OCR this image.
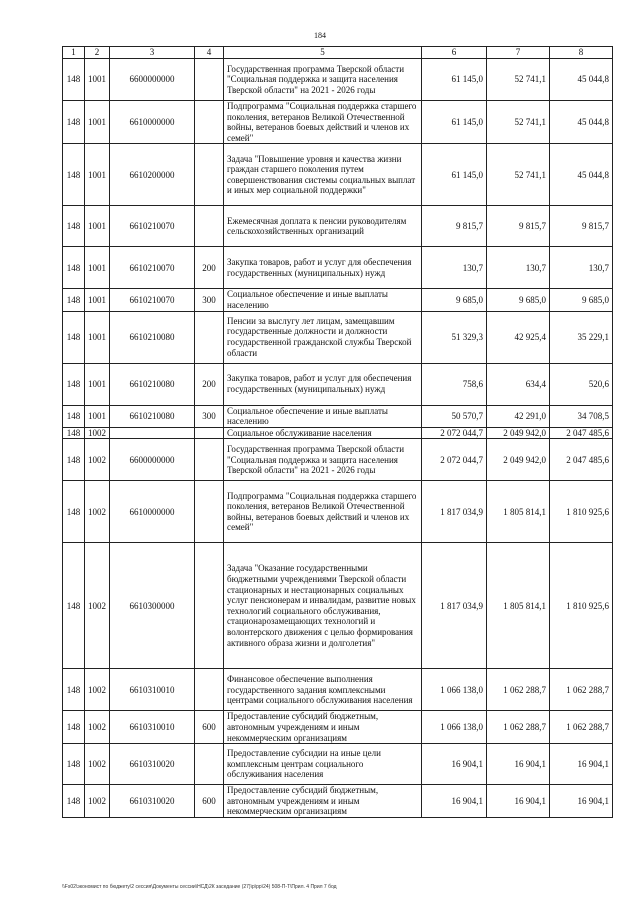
184
1	2	3	4	5	6	7	8
148	1001	6600000000		Государственная программа Тверской области "Социальная поддержка и защита населения Тверской области" на 2021 - 2026 годы	61 145,0	52 741,1	45 044,8
148	1001	6610000000		Подпрограмма "Социальная поддержка старшего поколения, ветеранов Великой Отечественной войны, ветеранов боевых действий и членов их семей"	61 145,0	52 741,1	45 044,8
148	1001	6610200000		Задача "Повышение уровня и качества жизни граждан старшего поколения путем совершенствования системы социальных выплат и иных мер социальной поддержки"	61 145,0	52 741,1	45 044,8
148	1001	6610210070		Ежемесячная доплата к пенсии руководителям сельскохозяйственных организаций	9 815,7	9 815,7	9 815,7
148	1001	6610210070	200	Закупка товаров, работ и услуг для обеспечения государственных (муниципальных) нужд	130,7	130,7	130,7
148	1001	6610210070	300	Социальное обеспечение и иные выплаты населению	9 685,0	9 685,0	9 685,0
148	1001	6610210080		Пенсии за выслугу лет лицам, замещавшим государственные должности и должности государственной гражданской службы Тверской области	51 329,3	42 925,4	35 229,1
148	1001	6610210080	200	Закупка товаров, работ и услуг для обеспечения государственных (муниципальных) нужд	758,6	634,4	520,6
148	1001	6610210080	300	Социальное обеспечение и иные выплаты населению	50 570,7	42 291,0	34 708,5
148	1002			Социальное обслуживание населения	2 072 044,7	2 049 942,0	2 047 485,6
148	1002	6600000000		Государственная программа Тверской области "Социальная поддержка и защита населения Тверской области" на 2021 - 2026 годы	2 072 044,7	2 049 942,0	2 047 485,6
148	1002	6610000000		Подпрограмма "Социальная поддержка старшего поколения, ветеранов Великой Отечественной войны, ветеранов боевых действий и членов их семей"	1 817 034,9	1 805 814,1	1 810 925,6
148	1002	6610300000		Задача "Оказание государственными бюджетными учреждениями Тверской области стационарных и нестационарных социальных услуг пенсионерам и инвалидам, развитие новых технологий социального обслуживания, стационарозамещающих технологий и волонтерского движения с целью формирования активного образа жизни и долголетия"	1 817 034,9	1 805 814,1	1 810 925,6
148	1002	6610310010		Финансовое обеспечение выполнения государственного задания комплексными центрами социального обслуживания населения	1 066 138,0	1 062 288,7	1 062 288,7
148	1002	6610310010	600	Предоставление субсидий бюджетным, автономным учреждениям и иным некоммерческим организациям	1 066 138,0	1 062 288,7	1 062 288,7
148	1002	6610310020		Предоставление субсидии на иные цели комплексным центрам социального обслуживания населения	16 904,1	16 904,1	16 904,1
148	1002	6610310020	600	Предоставление субсидий бюджетным, автономным учреждениям и иным некоммерческим организациям	16 904,1	16 904,1	16 904,1
\\Fs02\экономист по бюджету\2 сессия\Документы сессии\НСД\2К заседание (27)\p\pр\24) 508-П-Т\Прил. 4 Прил 7 бод
